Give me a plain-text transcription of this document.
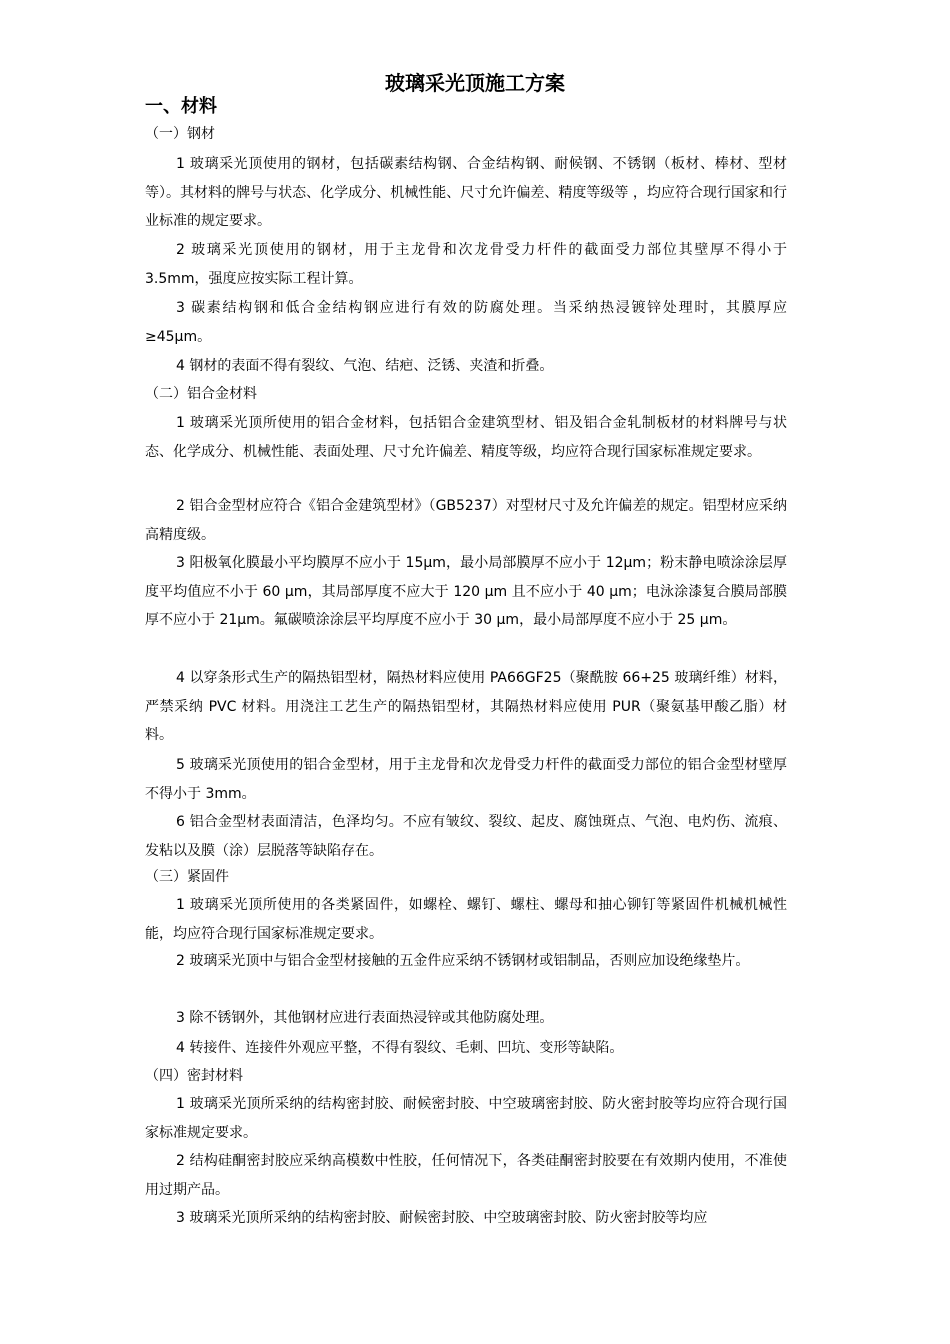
玻璃采光顶施工方案
一、材料
（一）钢材

1 玻璃采光顶使用的钢材，包括碳素结构钢、合金结构钢、耐候钢、不锈钢（板材、棒材、型材等）。其材料的牌号与状态、化学成分、机械性能、尺寸允许偏差、精度等级等 ，均应符合现行国家和行业标准的规定要求。

2 玻璃采光顶使用的钢材，用于主龙骨和次龙骨受力杆件的截面受力部位其壁厚不得小于 3.5mm，强度应按实际工程计算。

3 碳素结构钢和低合金结构钢应进行有效的防腐处理。当采纳热浸镀锌处理时，其膜厚应≥45μm。

4 钢材的表面不得有裂纹、气泡、结疤、泛锈、夹渣和折叠。

（二）铝合金材料

1 玻璃采光顶所使用的铝合金材料，包括铝合金建筑型材、铝及铝合金轧制板材的材料牌号与状态、化学成分、机械性能、表面处理、尺寸允许偏差、精度等级，均应符合现行国家标准规定要求。

2 铝合金型材应符合《铝合金建筑型材》（GB5237）对型材尺寸及允许偏差的规定。铝型材应采纳高精度级。

3 阳极氧化膜最小平均膜厚不应小于 15μm，最小局部膜厚不应小于 12μm；粉末静电喷涂涂层厚度平均值应不小于 60 μm，其局部厚度不应大于 120 μm 且不应小于 40 μm；电泳涂漆复合膜局部膜厚不应小于 21μm。氟碳喷涂涂层平均厚度不应小于 30 μm，最小局部厚度不应小于 25 μm。

4 以穿条形式生产的隔热铝型材，隔热材料应使用 PA66GF25（聚酰胺 66+25 玻璃纤维）材料，严禁采纳 PVC 材料。用浇注工艺生产的隔热铝型材，其隔热材料应使用 PUR（聚氨基甲酸乙脂）材料。

5 玻璃采光顶使用的铝合金型材，用于主龙骨和次龙骨受力杆件的截面受力部位的铝合金型材壁厚不得小于 3mm。

6 铝合金型材表面清洁，色泽均匀。不应有皱纹、裂纹、起皮、腐蚀斑点、气泡、电灼伤、流痕、发粘以及膜（涂）层脱落等缺陷存在。

（三）紧固件

1 玻璃采光顶所使用的各类紧固件，如螺栓、螺钉、螺柱、螺母和抽心铆钉等紧固件机械机械性能，均应符合现行国家标准规定要求。

2 玻璃采光顶中与铝合金型材接触的五金件应采纳不锈钢材或铝制品，否则应加设绝缘垫片。

3 除不锈钢外，其他钢材应进行表面热浸锌或其他防腐处理。

4 转接件、连接件外观应平整，不得有裂纹、毛刺、凹坑、变形等缺陷。

（四）密封材料

1 玻璃采光顶所采纳的结构密封胶、耐候密封胶、中空玻璃密封胶、防火密封胶等均应符合现行国家标准规定要求。

2 结构硅酮密封胶应采纳高模数中性胶，任何情况下，各类硅酮密封胶要在有效期内使用，不准使用过期产品。

3 玻璃采光顶所采纳的结构密封胶、耐候密封胶、中空玻璃密封胶、防火密封胶等均应
